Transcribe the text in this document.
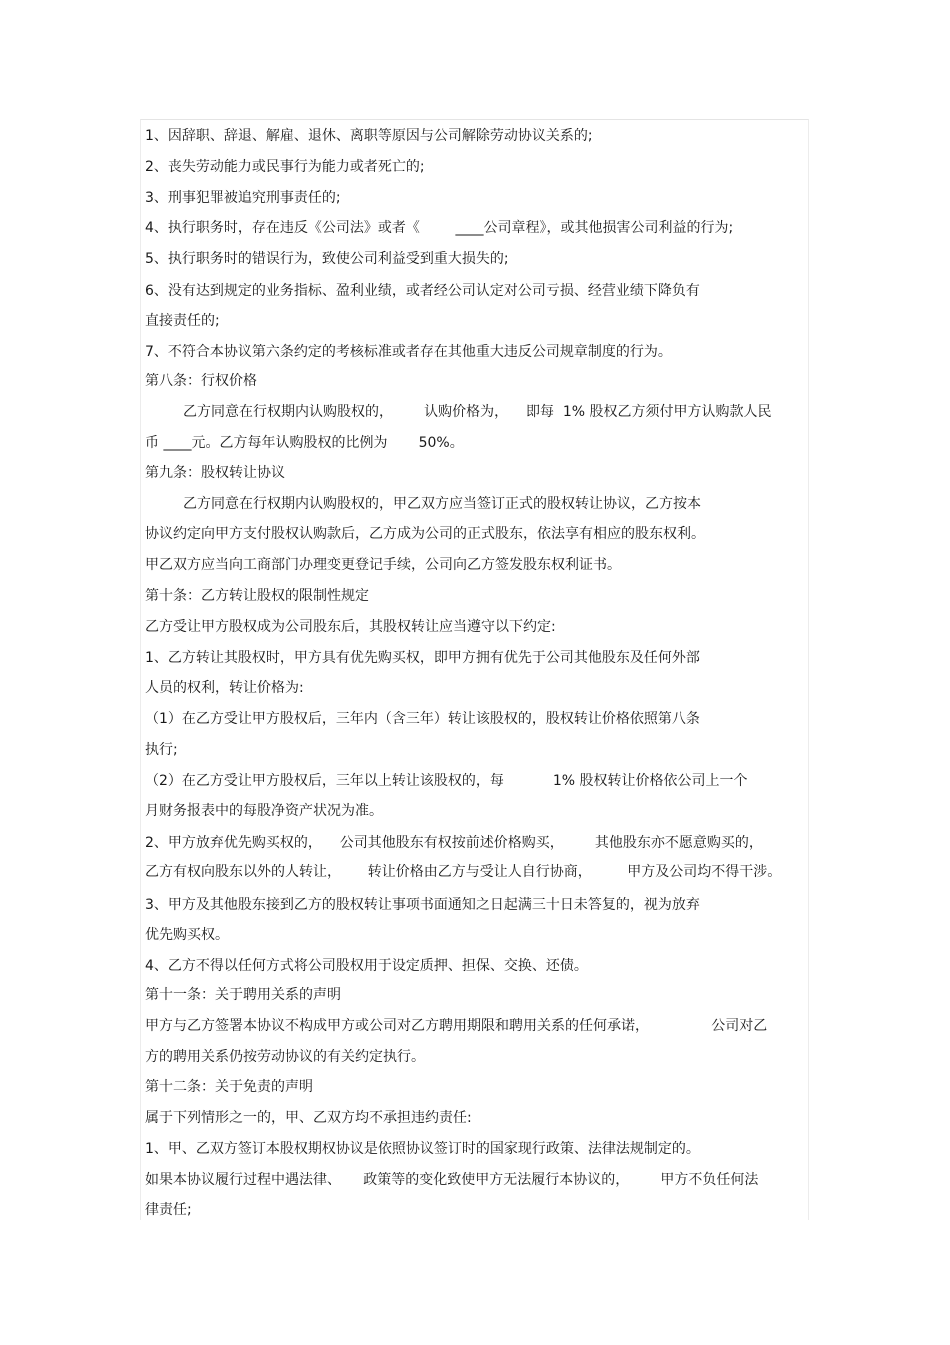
1、因辞职、辞退、解雇、退休、离职等原因与公司解除劳动协议关系的;
2、丧失劳动能力或民事行为能力或者死亡的;
3、刑事犯罪被追究刑事责任的;
4、执行职务时，存在违反《公司法》或者《        ____公司章程》，或其他损害公司利益的行为;
5、执行职务时的错误行为，致使公司利益受到重大损失的;
6、没有达到规定的业务指标、盈利业绩，或者经公司认定对公司亏损、经营业绩下降负有
直接责任的;
7、不符合本协议第六条约定的考核标准或者存在其他重大违反公司规章制度的行为。
第八条：行权价格
乙方同意在行权期内认购股权的，       认购价格为，    即每  1% 股权乙方须付甲方认购款人民
币 ____元。乙方每年认购股权的比例为       50%。
第九条：股权转让协议
乙方同意在行权期内认购股权的，甲乙双方应当签订正式的股权转让协议，乙方按本
协议约定向甲方支付股权认购款后，乙方成为公司的正式股东，依法享有相应的股东权利。
甲乙双方应当向工商部门办理变更登记手续，公司向乙方签发股东权利证书。
第十条：乙方转让股权的限制性规定
乙方受让甲方股权成为公司股东后，其股权转让应当遵守以下约定:
1、乙方转让其股权时，甲方具有优先购买权，即甲方拥有优先于公司其他股东及任何外部
人员的权利，转让价格为:
（1）在乙方受让甲方股权后，三年内（含三年）转让该股权的，股权转让价格依照第八条
执行;
（2）在乙方受让甲方股权后，三年以上转让该股权的，每           1% 股权转让价格依公司上一个
月财务报表中的每股净资产状况为准。
2、甲方放弃优先购买权的，    公司其他股东有权按前述价格购买，       其他股东亦不愿意购买的，
乙方有权向股东以外的人转让，      转让价格由乙方与受让人自行协商，        甲方及公司均不得干涉。
3、甲方及其他股东接到乙方的股权转让事项书面通知之日起满三十日未答复的，视为放弃
优先购买权。
4、乙方不得以任何方式将公司股权用于设定质押、担保、交换、还债。
第十一条：关于聘用关系的声明
甲方与乙方签署本协议不构成甲方或公司对乙方聘用期限和聘用关系的任何承诺，              公司对乙
方的聘用关系仍按劳动协议的有关约定执行。
第十二条：关于免责的声明
属于下列情形之一的，甲、乙双方均不承担违约责任:
1、甲、乙双方签订本股权期权协议是依照协议签订时的国家现行政策、法律法规制定的。
如果本协议履行过程中遇法律、     政策等的变化致使甲方无法履行本协议的，       甲方不负任何法
律责任;
